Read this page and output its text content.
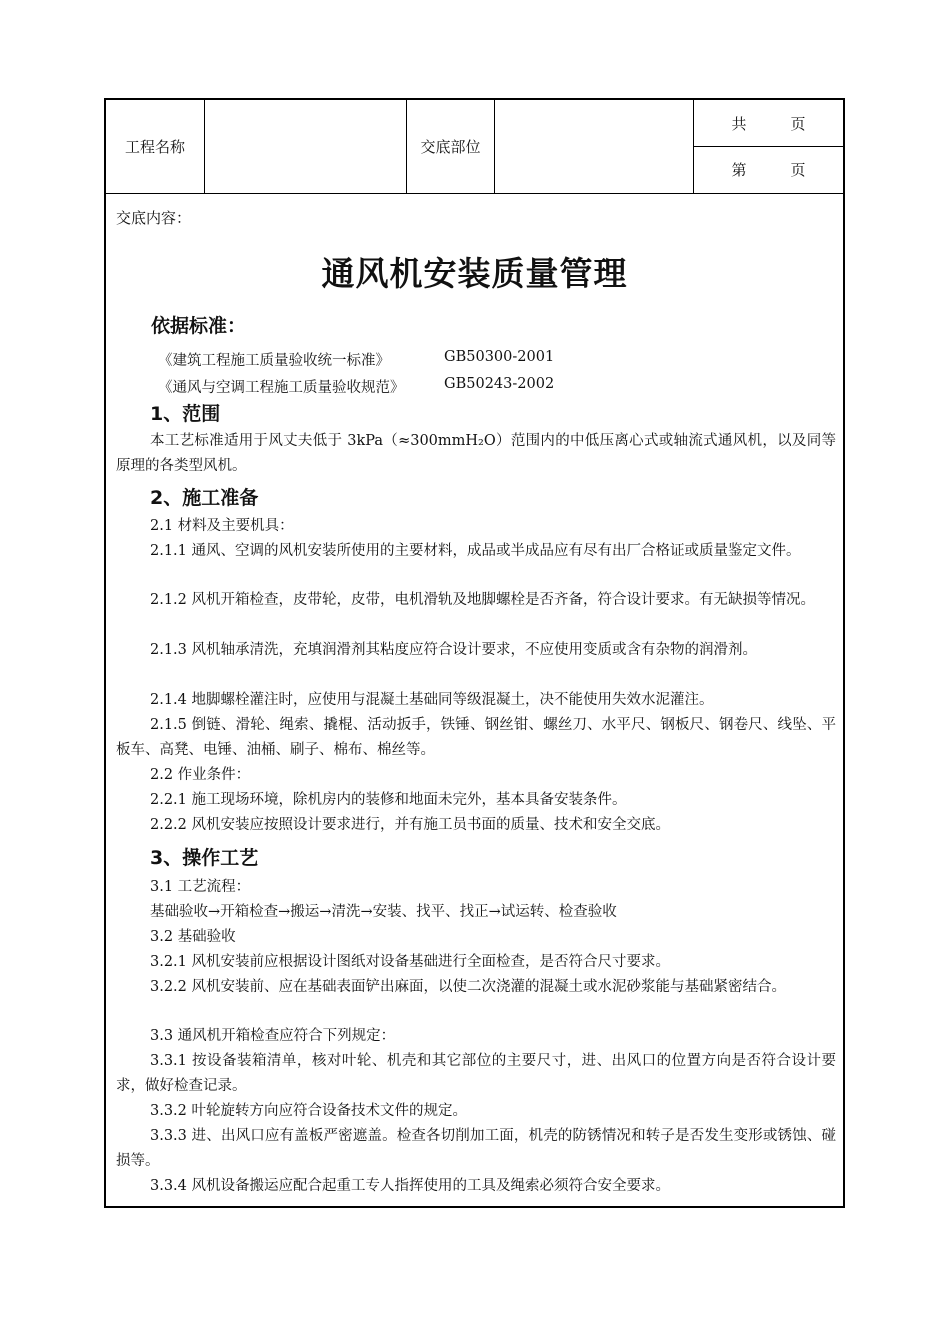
工程名称	交底部位
共	页
第	页
交底内容：
通风机安装质量管理
依据标准：
《建筑工程施工质量验收统一标准》	GB50300-2001
《通风与空调工程施工质量验收规范》	GB50243-2002
1、范围
本工艺标准适用于风丈夫低于 3kPa（≈300mmH₂O）范围内的中低压离心式或轴流式通风机，以及同等原理的各类型风机。
2、施工准备
2.1 材料及主要机具：
2.1.1 通风、空调的风机安装所使用的主要材料，成品或半成品应有尽有出厂合格证或质量鉴定文件。
2.1.2 风机开箱检查，皮带轮，皮带，电机滑轨及地脚螺栓是否齐备，符合设计要求。有无缺损等情况。
2.1.3 风机轴承清洗，充填润滑剂其粘度应符合设计要求，不应使用变质或含有杂物的润滑剂。
2.1.4 地脚螺栓灌注时，应使用与混凝土基础同等级混凝土，决不能使用失效水泥灌注。
2.1.5 倒链、滑轮、绳索、撬棍、活动扳手，铁锤、钢丝钳、螺丝刀、水平尺、钢板尺、钢卷尺、线坠、平板车、高凳、电锤、油桶、刷子、棉布、棉丝等。
2.2 作业条件：
2.2.1 施工现场环境，除机房内的装修和地面未完外，基本具备安装条件。
2.2.2 风机安装应按照设计要求进行，并有施工员书面的质量、技术和安全交底。
3、操作工艺
3.1 工艺流程：
基础验收→开箱检查→搬运→清洗→安装、找平、找正→试运转、检查验收
3.2 基础验收
3.2.1 风机安装前应根据设计图纸对设备基础进行全面检查，是否符合尺寸要求。
3.2.2 风机安装前、应在基础表面铲出麻面，以使二次浇灌的混凝土或水泥砂浆能与基础紧密结合。
3.3 通风机开箱检查应符合下列规定：
3.3.1 按设备装箱清单，核对叶轮、机壳和其它部位的主要尺寸，进、出风口的位置方向是否符合设计要求，做好检查记录。
3.3.2 叶轮旋转方向应符合设备技术文件的规定。
3.3.3 进、出风口应有盖板严密遮盖。检查各切削加工面，机壳的防锈情况和转子是否发生变形或锈蚀、碰损等。
3.3.4 风机设备搬运应配合起重工专人指挥使用的工具及绳索必须符合安全要求。
